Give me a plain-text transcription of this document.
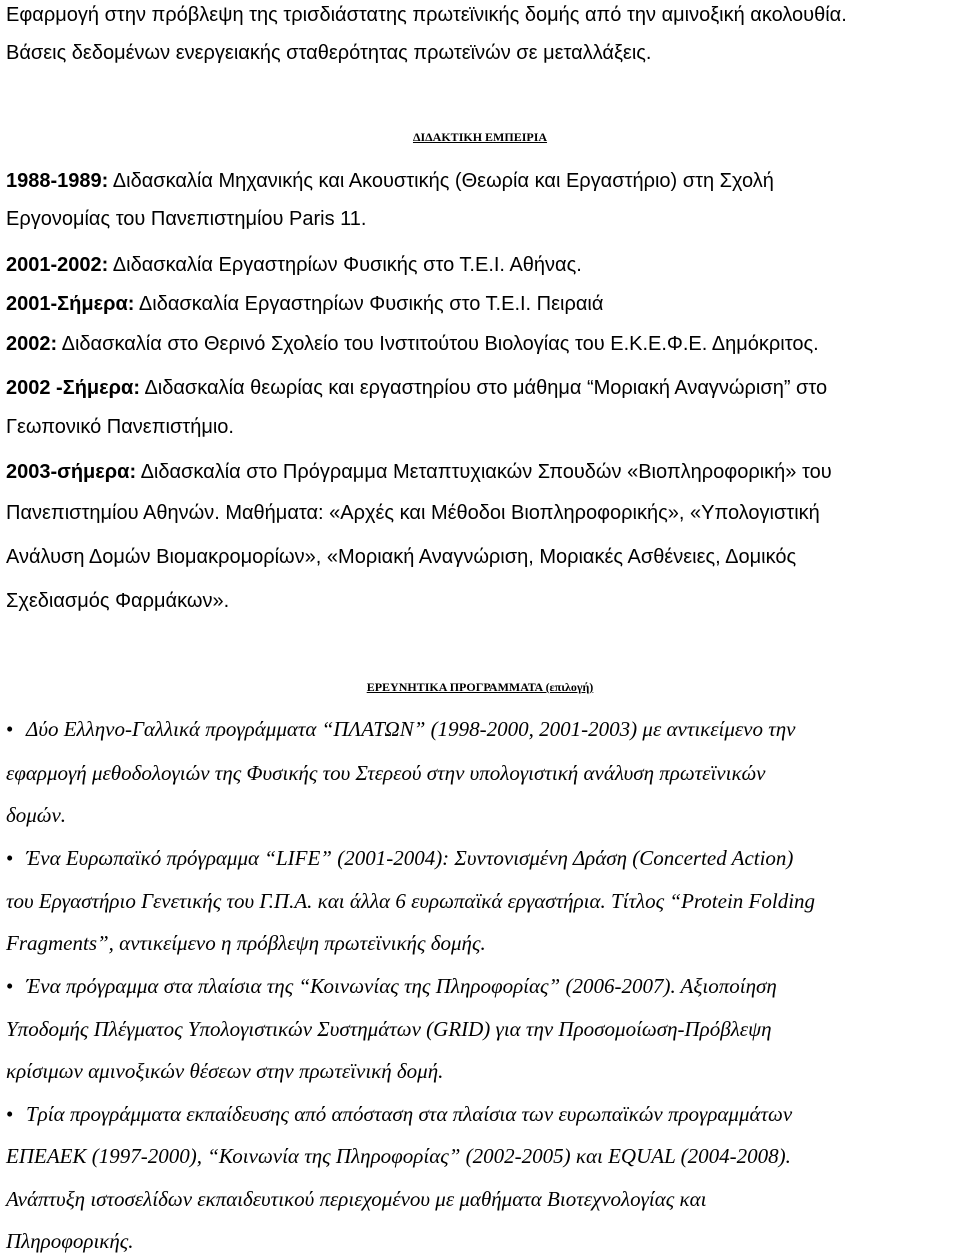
Εφαρμογή στην πρόβλεψη της τρισδιάστατης πρωτεϊνικής δομής από την αμινοξική ακολουθία.
Βάσεις δεδομένων ενεργειακής σταθερότητας πρωτεϊνών σε μεταλλάξεις.
ΔΙΔΑΚΤΙΚΗ ΕΜΠΕΙΡΙΑ
1988-1989: Διδασκαλία Μηχανικής και Ακουστικής (Θεωρία και Εργαστήριο) στη Σχολή
Εργονομίας του Πανεπιστημίου Paris 11.
2001-2002: Διδασκαλία Εργαστηρίων Φυσικής στο Τ.Ε.Ι. Αθήνας.
2001-Σήμερα: Διδασκαλία Εργαστηρίων Φυσικής στο Τ.Ε.Ι. Πειραιά
2002: Διδασκαλία στο Θερινό Σχολείο του Ινστιτούτου Βιολογίας του Ε.Κ.Ε.Φ.Ε. Δημόκριτος.
2002 -Σήμερα: Διδασκαλία θεωρίας και εργαστηρίου στο μάθημα “Μοριακή Αναγνώριση” στο
Γεωπονικό Πανεπιστήμιο.
2003-σήμερα: Διδασκαλία στο Πρόγραμμα Μεταπτυχιακών Σπουδών «Βιοπληροφορική» του
Πανεπιστημίου Αθηνών. Μαθήματα: «Αρχές και Μέθοδοι Βιοπληροφορικής», «Υπολογιστική
Ανάλυση Δομών Βιομακρομορίων», «Μοριακή Αναγνώριση, Μοριακές Ασθένειες, Δομικός
Σχεδιασμός Φαρμάκων».
ΕΡΕΥΝΗΤΙΚΑ ΠΡΟΓΡΑΜΜΑΤΑ (επιλογή)
• Δύο Ελληνο-Γαλλικά προγράμματα “ΠΛΑΤΩΝ” (1998-2000, 2001-2003) με αντικείμενο την
εφαρμογή μεθοδολογιών της Φυσικής του Στερεού στην υπολογιστική ανάλυση πρωτεϊνικών
δομών.
• Ένα Ευρωπαϊκό πρόγραμμα “LIFE” (2001-2004): Συντονισμένη Δράση (Concerted Action)
του Εργαστήριο Γενετικής του Γ.Π.Α. και άλλα 6 ευρωπαϊκά εργαστήρια. Τίτλος “Protein Folding
Fragments”, αντικείμενο η πρόβλεψη πρωτεϊνικής δομής.
• Ένα πρόγραμμα στα πλαίσια της “Κοινωνίας της Πληροφορίας” (2006-2007). Αξιοποίηση
Υποδομής Πλέγματος Υπολογιστικών Συστημάτων (GRID) για την Προσομοίωση-Πρόβλεψη
κρίσιμων αμινοξικών θέσεων στην πρωτεϊνική δομή.
• Τρία προγράμματα εκπαίδευσης από απόσταση στα πλαίσια των ευρωπαϊκών προγραμμάτων
ΕΠΕΑΕΚ (1997-2000), “Κοινωνία της Πληροφορίας” (2002-2005) και EQUAL (2004-2008).
Ανάπτυξη ιστοσελίδων εκπαιδευτικού περιεχομένου με μαθήματα Βιοτεχνολογίας και
Πληροφορικής.
